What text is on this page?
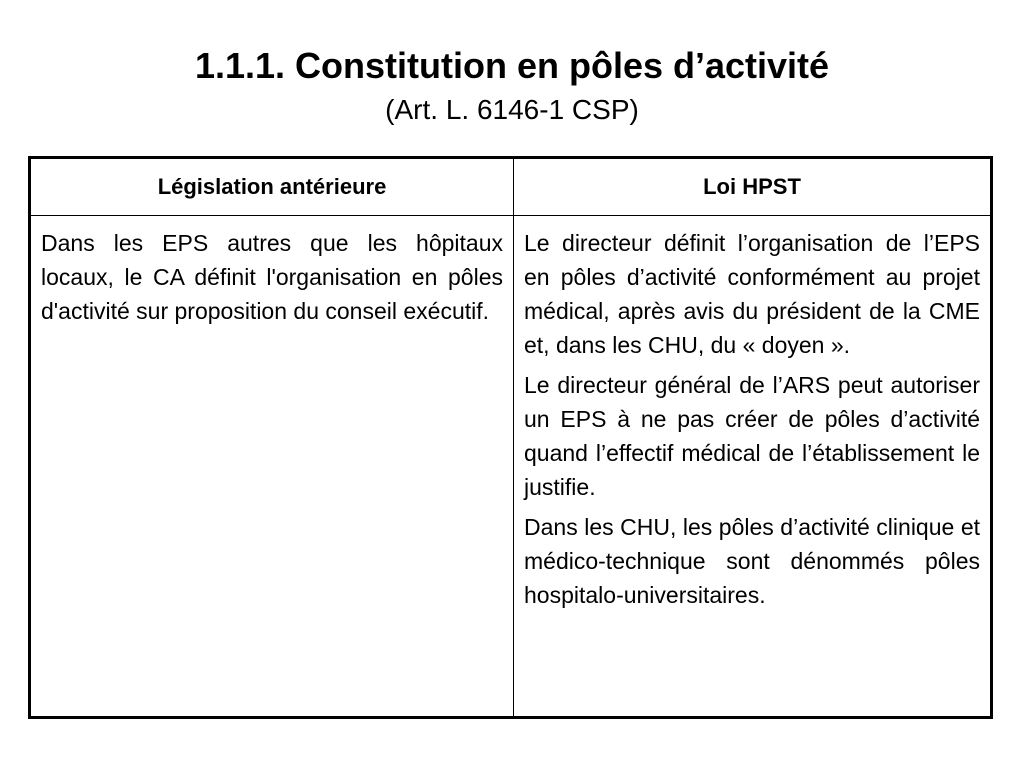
1.1.1. Constitution en pôles d’activité
(Art. L. 6146-1 CSP)
Législation antérieure	Loi HPST

Dans les EPS autres que les hôpitaux locaux, le CA définit l'organisation en pôles d'activité sur proposition du conseil exécutif.	Le directeur définit l’organisation de l’EPS en pôles d’activité conformément au projet médical, après avis du président de la CME et, dans les CHU, du « doyen ».

Le directeur général de l’ARS peut autoriser un EPS à ne pas créer de pôles d’activité quand l’effectif médical de l’établissement le justifie.

Dans les CHU, les pôles d’activité clinique et médico-technique sont dénommés pôles hospitalo-universitaires.
